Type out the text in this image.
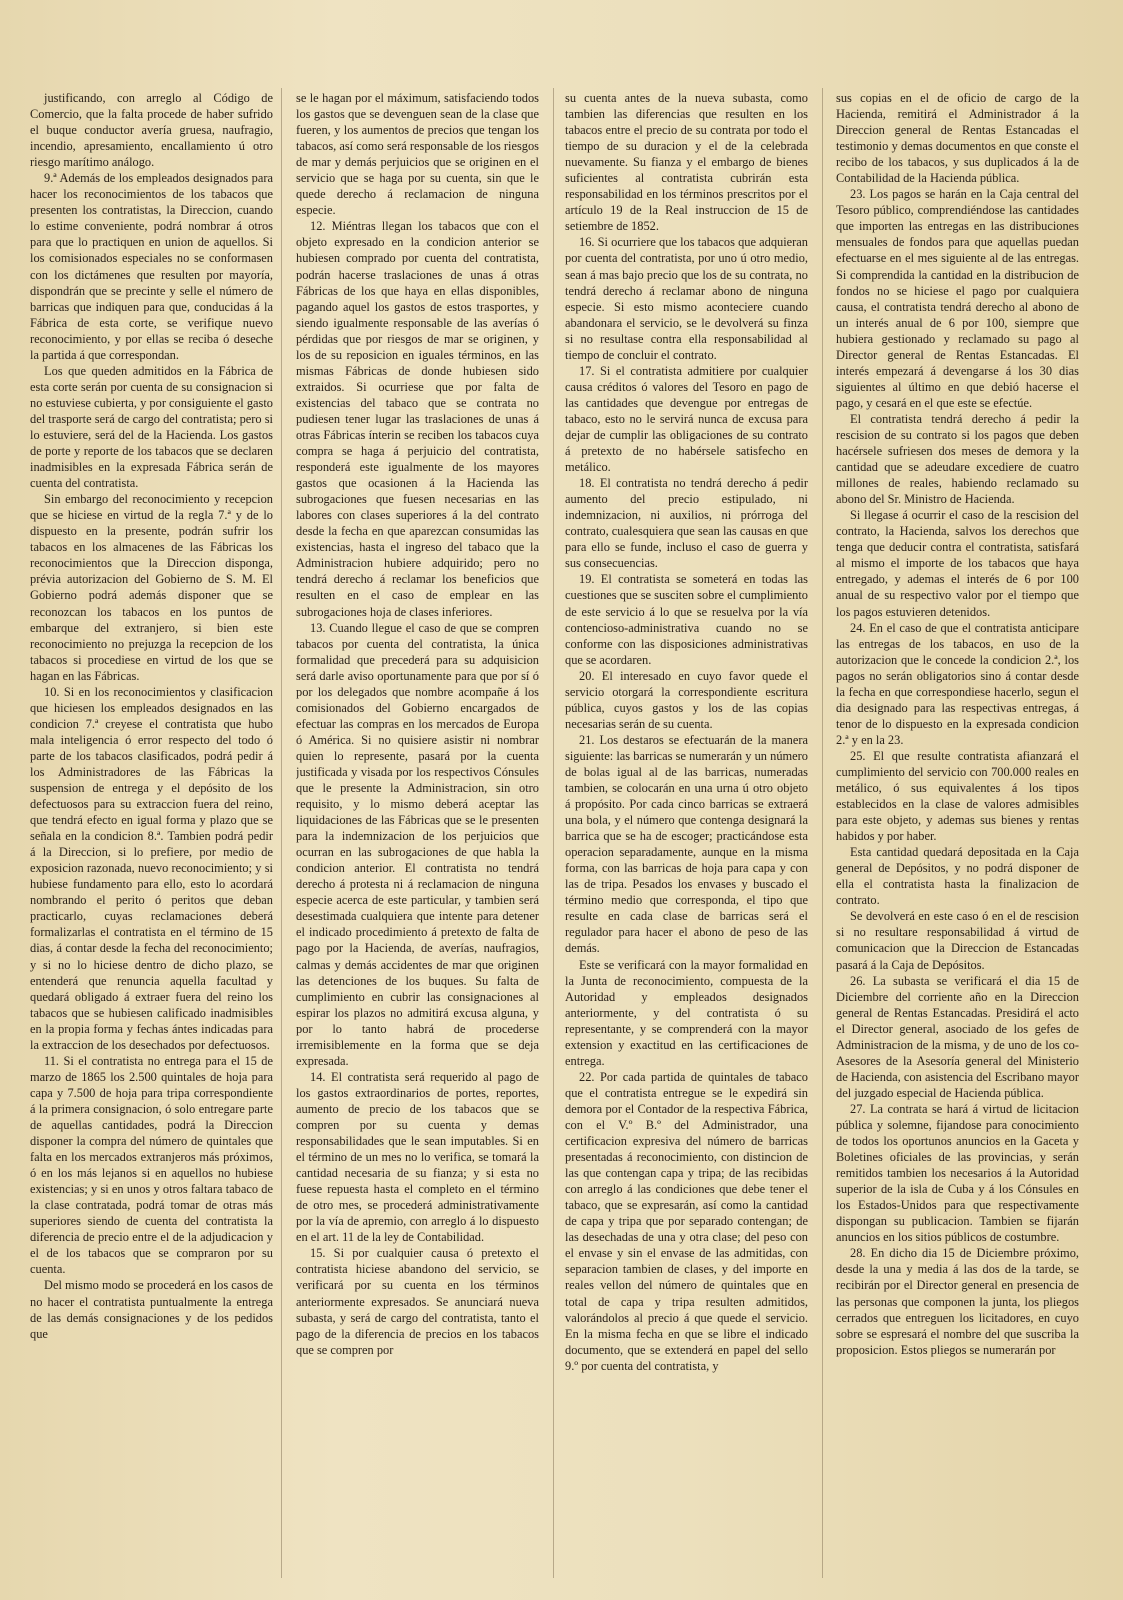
justificando, con arreglo al Código de Comercio, que la falta procede de haber sufrido el buque conductor avería gruesa, naufragio, incendio, apresamiento, encallamiento ú otro riesgo marítimo análogo.

9.ª Además de los empleados designados para hacer los reconocimientos de los tabacos que presenten los contratistas, la Direccion, cuando lo estime conveniente, podrá nombrar á otros para que lo practiquen en union de aquellos. Si los comisionados especiales no se conformasen con los dictámenes que resulten por mayoría, dispondrán que se precinte y selle el número de barricas que indiquen para que, conducidas á la Fábrica de esta corte, se verifique nuevo reconocimiento, y por ellas se reciba ó deseche la partida á que correspondan.

Los que queden admitidos en la Fábrica de esta corte serán por cuenta de su consignacion si no estuviese cubierta, y por consiguiente el gasto del trasporte será de cargo del contratista; pero si lo estuviere, será del de la Hacienda. Los gastos de porte y reporte de los tabacos que se declaren inadmisibles en la expresada Fábrica serán de cuenta del contratista.

Sin embargo del reconocimiento y recepcion que se hiciese en virtud de la regla 7.ª y de lo dispuesto en la presente, podrán sufrir los tabacos en los almacenes de las Fábricas los reconocimientos que la Direccion disponga, prévia autorizacion del Gobierno de S. M. El Gobierno podrá además disponer que se reconozcan los tabacos en los puntos de embarque del extranjero, si bien este reconocimiento no prejuzga la recepcion de los tabacos si procediese en virtud de los que se hagan en las Fábricas.

10. Si en los reconocimientos y clasificacion que hiciesen los empleados designados en las condicion 7.ª creyese el contratista que hubo mala inteligencia ó error respecto del todo ó parte de los tabacos clasificados, podrá pedir á los Administradores de las Fábricas la suspension de entrega y el depósito de los defectuosos para su extraccion fuera del reino, que tendrá efecto en igual forma y plazo que se señala en la condicion 8.ª. Tambien podrá pedir á la Direccion, si lo prefiere, por medio de exposicion razonada, nuevo reconocimiento; y si hubiese fundamento para ello, esto lo acordará nombrando el perito ó peritos que deban practicarlo, cuyas reclamaciones deberá formalizarlas el contratista en el término de 15 dias, á contar desde la fecha del reconocimiento; y si no lo hiciese dentro de dicho plazo, se entenderá que renuncia aquella facultad y quedará obligado á extraer fuera del reino los tabacos que se hubiesen calificado inadmisibles en la propia forma y fechas ántes indicadas para la extraccion de los desechados por defectuosos.

11. Si el contratista no entrega para el 15 de marzo de 1865 los 2.500 quintales de hoja para capa y 7.500 de hoja para tripa correspondiente á la primera consignacion, ó solo entregare parte de aquellas cantidades, podrá la Direccion disponer la compra del número de quintales que falta en los mercados extranjeros más próximos, ó en los más lejanos si en aquellos no hubiese existencias; y si en unos y otros faltara tabaco de la clase contratada, podrá tomar de otras más superiores siendo de cuenta del contratista la diferencia de precio entre el de la adjudicacion y el de los tabacos que se compraron por su cuenta.

Del mismo modo se procederá en los casos de no hacer el contratista puntualmente la entrega de las demás consignaciones y de los pedidos que

se le hagan por el máximum, satisfaciendo todos los gastos que se devenguen sean de la clase que fueren, y los aumentos de precios que tengan los tabacos, así como será responsable de los riesgos de mar y demás perjuicios que se originen en el servicio que se haga por su cuenta, sin que le quede derecho á reclamacion de ninguna especie.

12. Miéntras llegan los tabacos que con el objeto expresado en la condicion anterior se hubiesen comprado por cuenta del contratista, podrán hacerse traslaciones de unas á otras Fábricas de los que haya en ellas disponibles, pagando aquel los gastos de estos trasportes, y siendo igualmente responsable de las averías ó pérdidas que por riesgos de mar se originen, y los de su reposicion en iguales términos, en las mismas Fábricas de donde hubiesen sido extraidos. Si ocurriese que por falta de existencias del tabaco que se contrata no pudiesen tener lugar las traslaciones de unas á otras Fábricas ínterin se reciben los tabacos cuya compra se haga á perjuicio del contratista, responderá este igualmente de los mayores gastos que ocasionen á la Hacienda las subrogaciones que fuesen necesarias en las labores con clases superiores á la del contrato desde la fecha en que aparezcan consumidas las existencias, hasta el ingreso del tabaco que la Administracion hubiere adquirido; pero no tendrá derecho á reclamar los beneficios que resulten en el caso de emplear en las subrogaciones hoja de clases inferiores.

13. Cuando llegue el caso de que se compren tabacos por cuenta del contratista, la única formalidad que precederá para su adquisicion será darle aviso oportunamente para que por sí ó por los delegados que nombre acompañe á los comisionados del Gobierno encargados de efectuar las compras en los mercados de Europa ó América. Si no quisiere asistir ni nombrar quien lo represente, pasará por la cuenta justificada y visada por los respectivos Cónsules que le presente la Administracion, sin otro requisito, y lo mismo deberá aceptar las liquidaciones de las Fábricas que se le presenten para la indemnizacion de los perjuicios que ocurran en las subrogaciones de que habla la condicion anterior. El contratista no tendrá derecho á protesta ni á reclamacion de ninguna especie acerca de este particular, y tambien será desestimada cualquiera que intente para detener el indicado procedimiento á pretexto de falta de pago por la Hacienda, de averías, naufragios, calmas y demás accidentes de mar que originen las detenciones de los buques. Su falta de cumplimiento en cubrir las consignaciones al espirar los plazos no admitirá excusa alguna, y por lo tanto habrá de procederse irremisiblemente en la forma que se deja expresada.

14. El contratista será requerido al pago de los gastos extraordinarios de portes, reportes, aumento de precio de los tabacos que se compren por su cuenta y demas responsabilidades que le sean imputables. Si en el término de un mes no lo verifica, se tomará la cantidad necesaria de su fianza; y si esta no fuese repuesta hasta el completo en el término de otro mes, se procederá administrativamente por la vía de apremio, con arreglo á lo dispuesto en el art. 11 de la ley de Contabilidad.

15. Si por cualquier causa ó pretexto el contratista hiciese abandono del servicio, se verificará por su cuenta en los términos anteriormente expresados. Se anunciará nueva subasta, y será de cargo del contratista, tanto el pago de la diferencia de precios en los tabacos que se compren por

su cuenta antes de la nueva subasta, como tambien las diferencias que resulten en los tabacos entre el precio de su contrata por todo el tiempo de su duracion y el de la celebrada nuevamente. Su fianza y el embargo de bienes suficientes al contratista cubrirán esta responsabilidad en los términos prescritos por el artículo 19 de la Real instruccion de 15 de setiembre de 1852.

16. Si ocurriere que los tabacos que adquieran por cuenta del contratista, por uno ú otro medio, sean á mas bajo precio que los de su contrata, no tendrá derecho á reclamar abono de ninguna especie. Si esto mismo aconteciere cuando abandonara el servicio, se le devolverá su finza si no resultase contra ella responsabilidad al tiempo de concluir el contrato.

17. Si el contratista admitiere por cualquier causa créditos ó valores del Tesoro en pago de las cantidades que devengue por entregas de tabaco, esto no le servirá nunca de excusa para dejar de cumplir las obligaciones de su contrato á pretexto de no habérsele satisfecho en metálico.

18. El contratista no tendrá derecho á pedir aumento del precio estipulado, ni indemnizacion, ni auxilios, ni prórroga del contrato, cualesquiera que sean las causas en que para ello se funde, incluso el caso de guerra y sus consecuencias.

19. El contratista se someterá en todas las cuestiones que se susciten sobre el cumplimiento de este servicio á lo que se resuelva por la vía contencioso-administrativa cuando no se conforme con las disposiciones administrativas que se acordaren.

20. El interesado en cuyo favor quede el servicio otorgará la correspondiente escritura pública, cuyos gastos y los de las copias necesarias serán de su cuenta.

21. Los destaros se efectuarán de la manera siguiente: las barricas se numerarán y un número de bolas igual al de las barricas, numeradas tambien, se colocarán en una urna ú otro objeto á propósito. Por cada cinco barricas se extraerá una bola, y el número que contenga designará la barrica que se ha de escoger; practicándose esta operacion separadamente, aunque en la misma forma, con las barricas de hoja para capa y con las de tripa. Pesados los envases y buscado el término medio que corresponda, el tipo que resulte en cada clase de barricas será el regulador para hacer el abono de peso de las demás.

Este se verificará con la mayor formalidad en la Junta de reconocimiento, compuesta de la Autoridad y empleados designados anteriormente, y del contratista ó su representante, y se comprenderá con la mayor extension y exactitud en las certificaciones de entrega.

22. Por cada partida de quintales de tabaco que el contratista entregue se le expedirá sin demora por el Contador de la respectiva Fábrica, con el V.º B.º del Administrador, una certificacion expresiva del número de barricas presentadas á reconocimiento, con distincion de las que contengan capa y tripa; de las recibidas con arreglo á las condiciones que debe tener el tabaco, que se expresarán, así como la cantidad de capa y tripa que por separado contengan; de las desechadas de una y otra clase; del peso con el envase y sin el envase de las admitidas, con separacion tambien de clases, y del importe en reales vellon del número de quintales que en total de capa y tripa resulten admitidos, valorándolos al precio á que quede el servicio. En la misma fecha en que se libre el indicado documento, que se extenderá en papel del sello 9.º por cuenta del contratista, y

sus copias en el de oficio de cargo de la Hacienda, remitirá el Administrador á la Direccion general de Rentas Estancadas el testimonio y demas documentos en que conste el recibo de los tabacos, y sus duplicados á la de Contabilidad de la Hacienda pública.

23. Los pagos se harán en la Caja central del Tesoro público, comprendiéndose las cantidades que importen las entregas en las distribuciones mensuales de fondos para que aquellas puedan efectuarse en el mes siguiente al de las entregas. Si comprendida la cantidad en la distribucion de fondos no se hiciese el pago por cualquiera causa, el contratista tendrá derecho al abono de un interés anual de 6 por 100, siempre que hubiera gestionado y reclamado su pago al Director general de Rentas Estancadas. El interés empezará á devengarse á los 30 dias siguientes al último en que debió hacerse el pago, y cesará en el que este se efectúe.

El contratista tendrá derecho á pedir la rescision de su contrato si los pagos que deben hacérsele sufriesen dos meses de demora y la cantidad que se adeudare excediere de cuatro millones de reales, habiendo reclamado su abono del Sr. Ministro de Hacienda.

Si llegase á ocurrir el caso de la rescision del contrato, la Hacienda, salvos los derechos que tenga que deducir contra el contratista, satisfará al mismo el importe de los tabacos que haya entregado, y ademas el interés de 6 por 100 anual de su respectivo valor por el tiempo que los pagos estuvieren detenidos.

24. En el caso de que el contratista anticipare las entregas de los tabacos, en uso de la autorizacion que le concede la condicion 2.ª, los pagos no serán obligatorios sino á contar desde la fecha en que correspondiese hacerlo, segun el dia designado para las respectivas entregas, á tenor de lo dispuesto en la expresada condicion 2.ª y en la 23.

25. El que resulte contratista afianzará el cumplimiento del servicio con 700.000 reales en metálico, ó sus equivalentes á los tipos establecidos en la clase de valores admisibles para este objeto, y ademas sus bienes y rentas habidos y por haber.

Esta cantidad quedará depositada en la Caja general de Depósitos, y no podrá disponer de ella el contratista hasta la finalizacion de contrato.

Se devolverá en este caso ó en el de rescision si no resultare responsabilidad á virtud de comunicacion que la Direccion de Estancadas pasará á la Caja de Depósitos.

26. La subasta se verificará el dia 15 de Diciembre del corriente año en la Direccion general de Rentas Estancadas. Presidirá el acto el Director general, asociado de los gefes de Administracion de la misma, y de uno de los co-Asesores de la Asesoría general del Ministerio de Hacienda, con asistencia del Escribano mayor del juzgado especial de Hacienda pública.

27. La contrata se hará á virtud de licitacion pública y solemne, fijandose para conocimiento de todos los oportunos anuncios en la Gaceta y Boletines oficiales de las provincias, y serán remitidos tambien los necesarios á la Autoridad superior de la isla de Cuba y á los Cónsules en los Estados-Unidos para que respectivamente dispongan su publicacion. Tambien se fijarán anuncios en los sitios públicos de costumbre.

28. En dicho dia 15 de Diciembre próximo, desde la una y media á las dos de la tarde, se recibirán por el Director general en presencia de las personas que componen la junta, los pliegos cerrados que entreguen los licitadores, en cuyo sobre se espresará el nombre del que suscriba la proposicion. Estos pliegos se numerarán por
